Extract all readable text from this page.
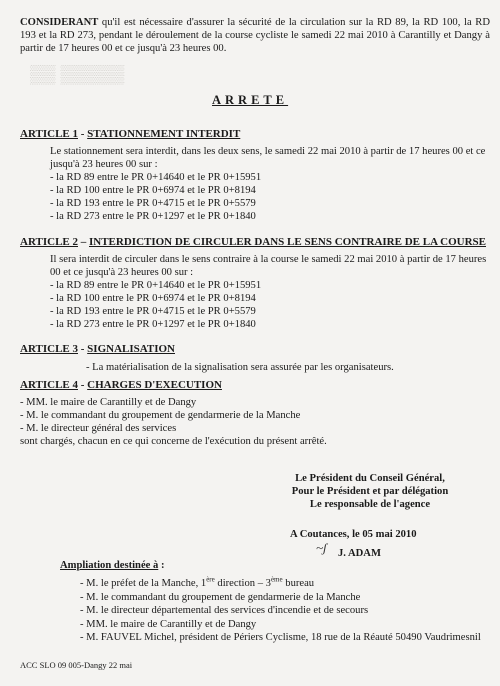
▒▒ ▒▒▒▒▒
CONSIDERANT qu'il est nécessaire d'assurer la sécurité de la circulation sur la RD 89, la RD 100, la RD 193 et la RD 273, pendant le déroulement de la course cycliste le samedi 22 mai 2010 à Carantilly et Dangy à partir de 17 heures 00 et ce jusqu'à 23 heures 00.
ARRETE
ARTICLE 1 - STATIONNEMENT INTERDIT
Le stationnement sera interdit, dans les deux sens, le samedi 22 mai 2010 à partir de 17 heures 00 et ce jusqu'à 23 heures 00 sur :
- la RD 89 entre le PR 0+14640 et le PR 0+15951
- la RD 100 entre le PR 0+6974 et le PR 0+8194
- la RD 193 entre le PR 0+4715 et le PR 0+5579
- la RD 273 entre le PR 0+1297 et le PR 0+1840
ARTICLE 2 – INTERDICTION DE CIRCULER DANS LE SENS CONTRAIRE DE LA COURSE
Il sera interdit de circuler dans le sens contraire à la course le samedi 22 mai 2010 à partir de 17 heures 00 et ce jusqu'à 23 heures 00 sur :
- la RD 89 entre le PR 0+14640 et le PR 0+15951
- la RD 100 entre le PR 0+6974 et le PR 0+8194
- la RD 193 entre le PR 0+4715 et le PR 0+5579
- la RD 273 entre le PR 0+1297 et le PR 0+1840
ARTICLE 3 - SIGNALISATION
- La matérialisation de la signalisation sera assurée par les organisateurs.
ARTICLE 4 - CHARGES D'EXECUTION
- MM. le maire de Carantilly et de Dangy
- M. le commandant du groupement de gendarmerie de la Manche
- M. le directeur général des services
sont chargés, chacun en ce qui concerne de l'exécution du présent arrêté.
Le Président du Conseil Général,
Pour le Président et par délégation
Le responsable de l'agence
A Coutances, le 05 mai 2010
~ʃ J. ADAM
Ampliation destinée à :
- M. le préfet de la Manche, 1ère direction – 3ème bureau
- M. le commandant du groupement de gendarmerie de la Manche
- M. le directeur départemental des services d'incendie et de secours
- MM. le maire de Carantilly et de Dangy
- M. FAUVEL Michel, président de Périers Cyclisme, 18 rue de la Réauté 50490 Vaudrimesnil
ACC SLO 09 005-Dangy 22 mai
